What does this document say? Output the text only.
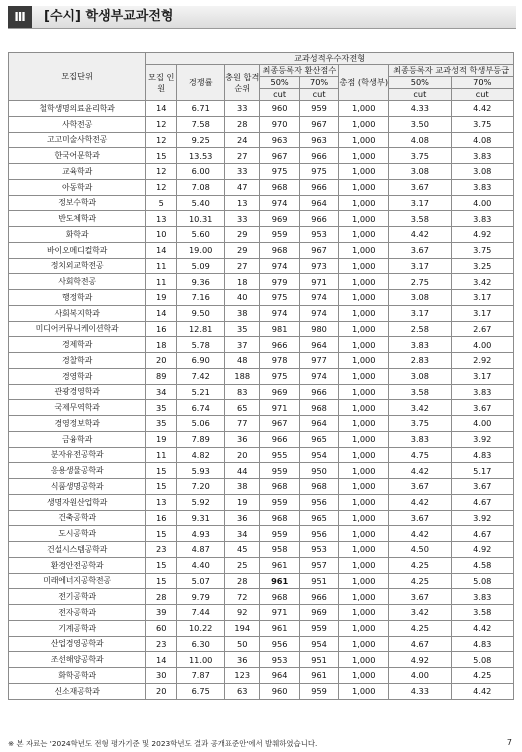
Ⅲ	[수시] 학생부교과전형
모집단위	교과성적우수자전형							
	모집 인원	경쟁률	충원 합격 순위	최종등록자 환산점수		총점 (학생부)	최종등록자 교과성적 학생부등급	
				50%	70%		50%	70%
				cut	cut		cut	cut
철학생명의료윤리학과	14	6.71	33	960	959	1,000	4.33	4.42
사학전공	12	7.58	28	970	967	1,000	3.50	3.75
고고미술사학전공	12	9.25	24	963	963	1,000	4.08	4.08
한국어문학과	15	13.53	27	967	966	1,000	3.75	3.83
교육학과	12	6.00	33	975	975	1,000	3.08	3.08
아동학과	12	7.08	47	968	966	1,000	3.67	3.83
정보수학과	5	5.40	13	974	964	1,000	3.17	4.00
반도체학과	13	10.31	33	969	966	1,000	3.58	3.83
화학과	10	5.60	29	959	953	1,000	4.42	4.92
바이오메디컬학과	14	19.00	29	968	967	1,000	3.67	3.75
정치외교학전공	11	5.09	27	974	973	1,000	3.17	3.25
사회학전공	11	9.36	18	979	971	1,000	2.75	3.42
행정학과	19	7.16	40	975	974	1,000	3.08	3.17
사회복지학과	14	9.50	38	974	974	1,000	3.17	3.17
미디어커뮤니케이션학과	16	12.81	35	981	980	1,000	2.58	2.67
경제학과	18	5.78	37	966	964	1,000	3.83	4.00
경찰학과	20	6.90	48	978	977	1,000	2.83	2.92
경영학과	89	7.42	188	975	974	1,000	3.08	3.17
관광경영학과	34	5.21	83	969	966	1,000	3.58	3.83
국제무역학과	35	6.74	65	971	968	1,000	3.42	3.67
경영정보학과	35	5.06	77	967	964	1,000	3.75	4.00
금융학과	19	7.89	36	966	965	1,000	3.83	3.92
분자유전공학과	11	4.82	20	955	954	1,000	4.75	4.83
응용생물공학과	15	5.93	44	959	950	1,000	4.42	5.17
식품생명공학과	15	7.20	38	968	968	1,000	3.67	3.67
생명자원산업학과	13	5.92	19	959	956	1,000	4.42	4.67
건축공학과	16	9.31	36	968	965	1,000	3.67	3.92
도시공학과	15	4.93	34	959	956	1,000	4.42	4.67
건설시스템공학과	23	4.87	45	958	953	1,000	4.50	4.92
환경안전공학과	15	4.40	25	961	957	1,000	4.25	4.58
미래에너지공학전공	15	5.07	28	961	951	1,000	4.25	5.08
전기공학과	28	9.79	72	968	966	1,000	3.67	3.83
전자공학과	39	7.44	92	971	969	1,000	3.42	3.58
기계공학과	60	10.22	194	961	959	1,000	4.25	4.42
산업경영공학과	23	6.30	50	956	954	1,000	4.67	4.83
조선해양공학과	14	11.00	36	953	951	1,000	4.92	5.08
화학공학과	30	7.87	123	964	961	1,000	4.00	4.25
신소재공학과	20	6.75	63	960	959	1,000	4.33	4.42
※ 본 자료는 '2024학년도 전형 평가기준 및 2023학년도 결과 공개표준안'에서 발췌하였습니다.	7
